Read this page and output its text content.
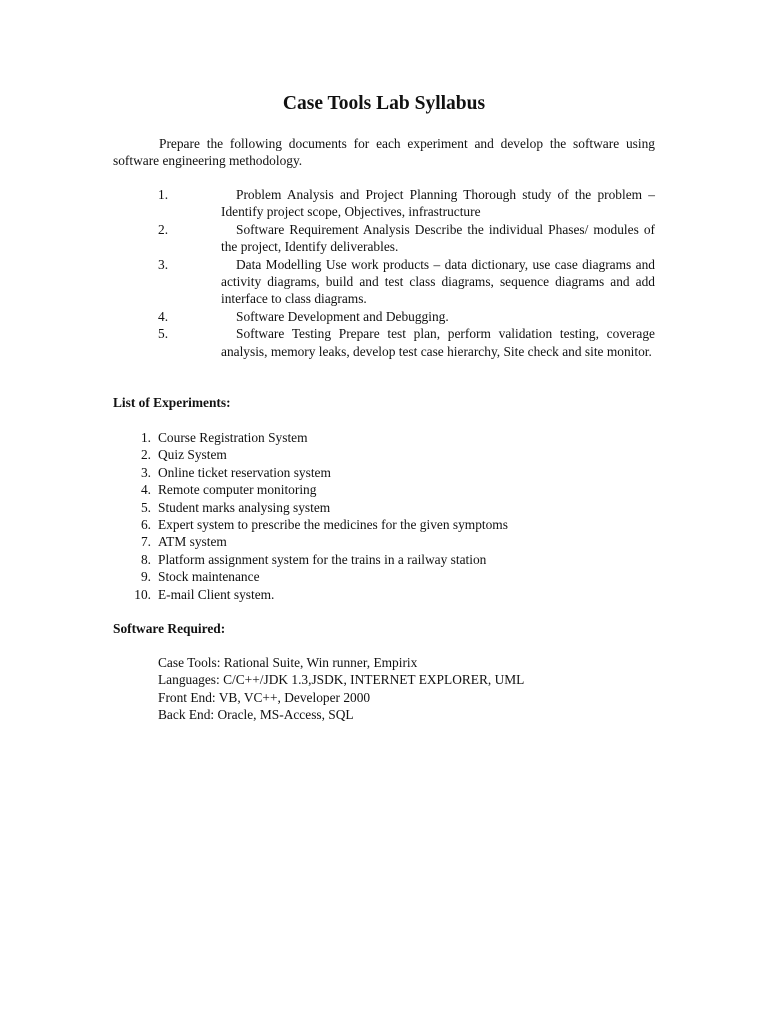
Case Tools Lab Syllabus

Prepare the following documents for each experiment and develop the software using software engineering methodology.

1.	Problem Analysis and Project Planning Thorough study of the problem – Identify project scope, Objectives, infrastructure
2.	Software Requirement Analysis Describe the individual Phases/ modules of the project, Identify deliverables.
3.	Data Modelling Use work products – data dictionary, use case diagrams and activity diagrams, build and test class diagrams, sequence diagrams and add interface to class diagrams.
4.	Software Development and Debugging.
5.	Software Testing Prepare test plan, perform validation testing, coverage analysis, memory leaks, develop test case hierarchy, Site check and site monitor.
List of Experiments:
1. Course Registration System
2. Quiz System
3. Online ticket reservation system
4. Remote computer monitoring
5. Student marks analysing system
6. Expert system to prescribe the medicines for the given symptoms
7. ATM system
8. Platform assignment system for the trains in a railway station
9. Stock maintenance
10. E-mail Client system.
Software Required:
Case Tools: Rational Suite, Win runner, Empirix
Languages: C/C++/JDK 1.3,JSDK, INTERNET EXPLORER, UML
Front End: VB, VC++, Developer 2000
Back End: Oracle, MS-Access, SQL
